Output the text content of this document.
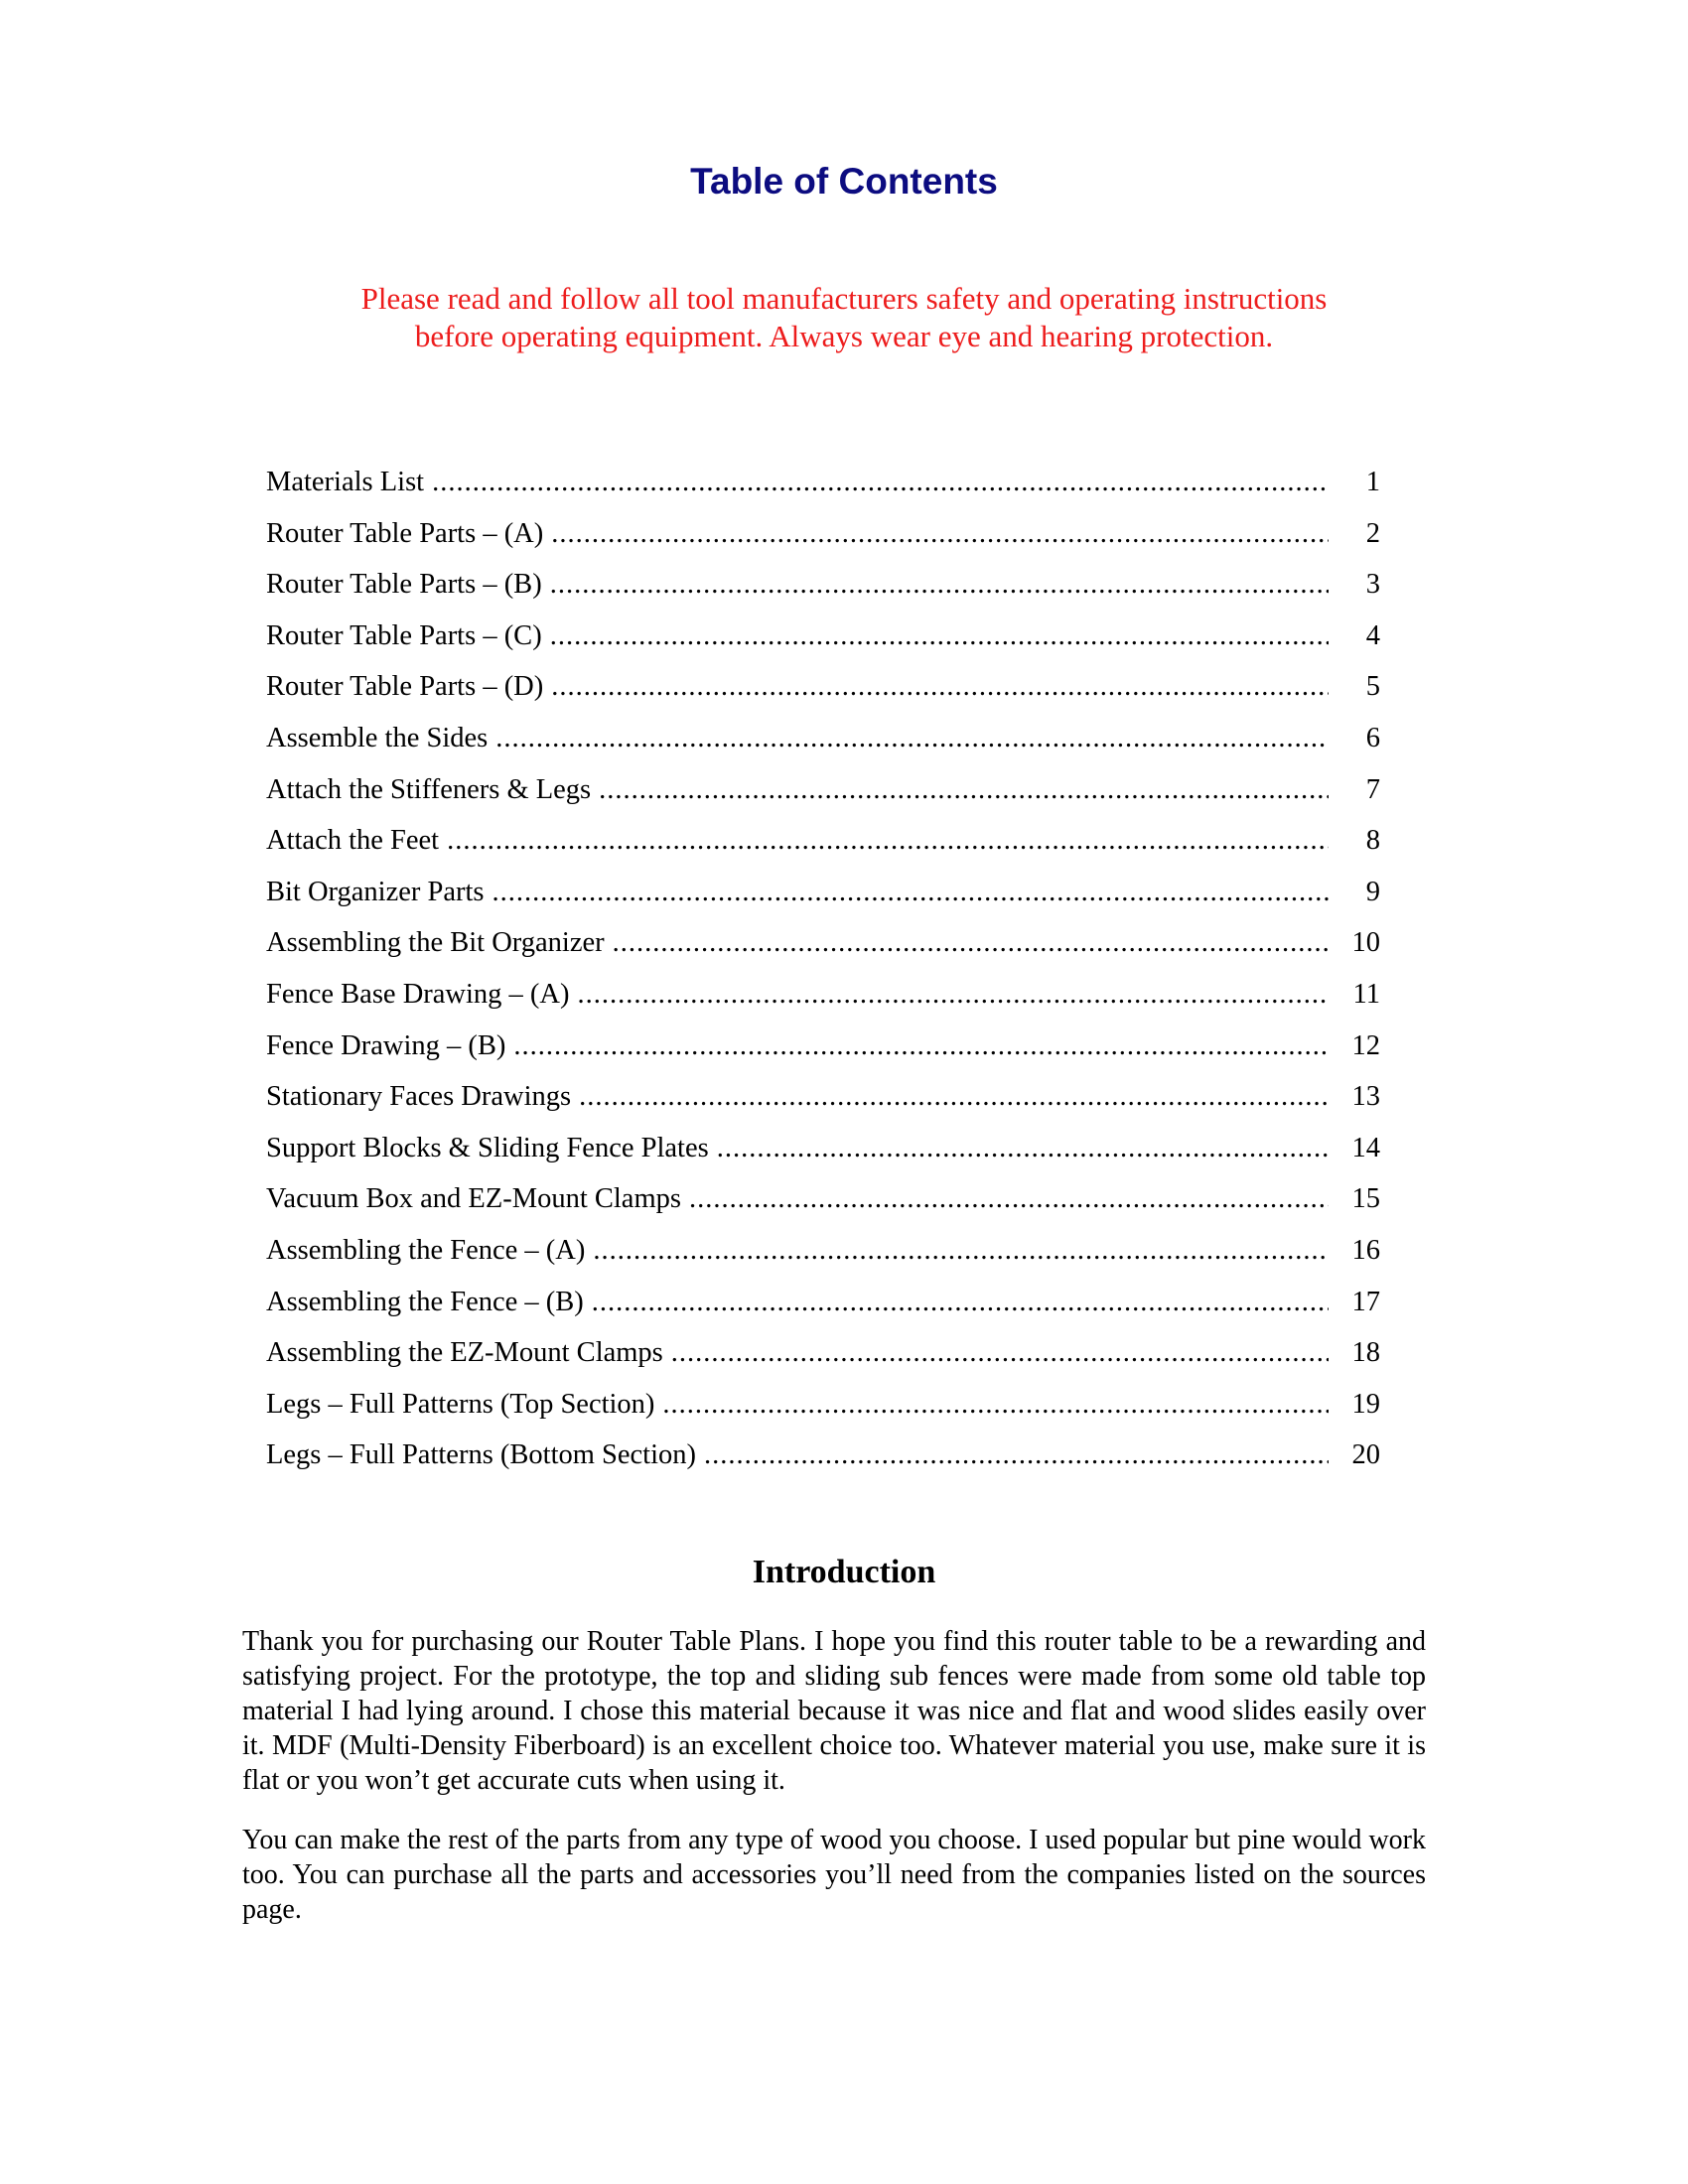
Table of Contents
Please read and follow all tool manufacturers safety and operating instructions
before operating equipment. Always wear eye and hearing protection.
Materials List .....	1
Router Table Parts – (A) .....	2
Router Table Parts – (B) .....	3
Router Table Parts – (C) .....	4
Router Table Parts – (D) .....	5
Assemble the Sides .....	6
Attach the Stiffeners & Legs .....	7
Attach the Feet .....	8
Bit Organizer Parts .....	9
Assembling the Bit Organizer .....	10
Fence Base Drawing – (A) .....	11
Fence Drawing – (B) .....	12
Stationary Faces Drawings .....	13
Support Blocks & Sliding Fence Plates .....	14
Vacuum Box and EZ-Mount Clamps .....	15
Assembling the Fence – (A) .....	16
Assembling the Fence – (B) .....	17
Assembling the EZ-Mount Clamps .....	18
Legs – Full Patterns (Top Section) .....	19
Legs – Full Patterns (Bottom Section) .....	20
Introduction

Thank you for purchasing our Router Table Plans. I hope you find this router table to be a rewarding and satisfying project. For the prototype, the top and sliding sub fences were made from some old table top material I had lying around. I chose this material because it was nice and flat and wood slides easily over it. MDF (Multi-Density Fiberboard) is an excellent choice too. Whatever material you use, make sure it is flat or you won’t get accurate cuts when using it.

You can make the rest of the parts from any type of wood you choose. I used popular but pine would work too. You can purchase all the parts and accessories you’ll need from the companies listed on the sources page.
